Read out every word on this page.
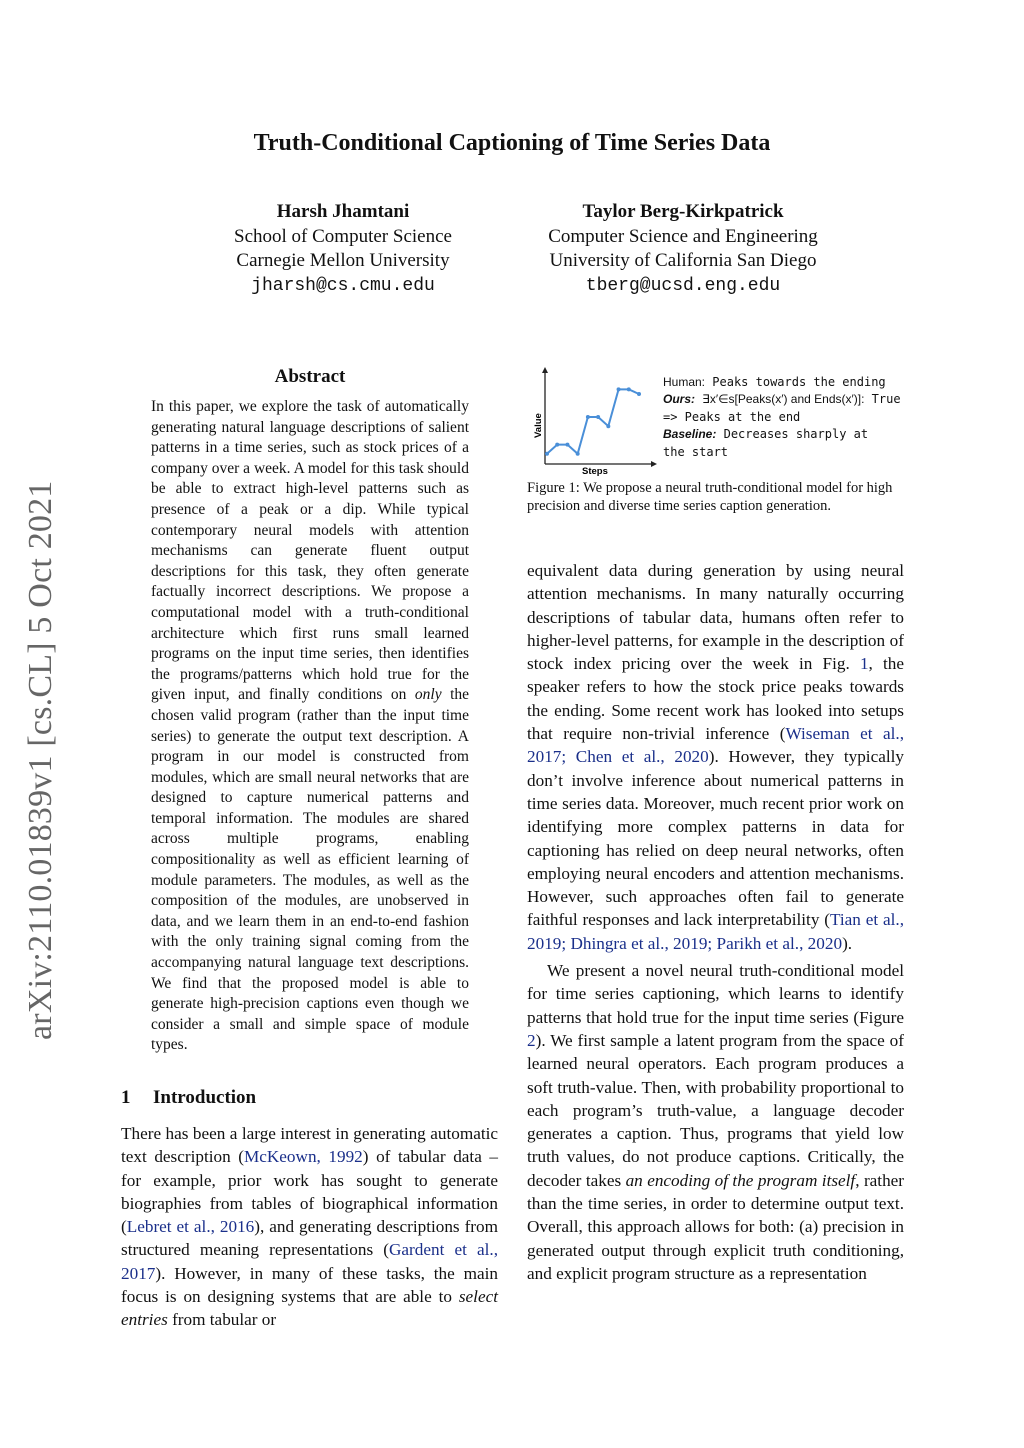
Truth-Conditional Captioning of Time Series Data
Harsh Jhamtani
School of Computer Science
Carnegie Mellon University
jharsh@cs.cmu.edu
Taylor Berg-Kirkpatrick
Computer Science and Engineering
University of California San Diego
tberg@ucsd.eng.edu
arXiv:2110.01839v1 [cs.CL] 5 Oct 2021
Abstract
In this paper, we explore the task of automatically generating natural language descriptions of salient patterns in a time series, such as stock prices of a company over a week. A model for this task should be able to extract high-level patterns such as presence of a peak or a dip. While typical contemporary neural models with attention mechanisms can generate fluent output descriptions for this task, they often generate factually incorrect descriptions. We propose a computational model with a truth-conditional architecture which first runs small learned programs on the input time series, then identifies the programs/patterns which hold true for the given input, and finally conditions on only the chosen valid program (rather than the input time series) to generate the output text description. A program in our model is constructed from modules, which are small neural networks that are designed to capture numerical patterns and temporal information. The modules are shared across multiple programs, enabling compositionality as well as efficient learning of module parameters. The modules, as well as the composition of the modules, are unobserved in data, and we learn them in an end-to-end fashion with the only training signal coming from the accompanying natural language text descriptions. We find that the proposed model is able to generate high-precision captions even though we consider a small and simple space of module types.
1 Introduction
There has been a large interest in generating automatic text description (McKeown, 1992) of tabular data – for example, prior work has sought to generate biographies from tables of biographical information (Lebret et al., 2016), and generating descriptions from structured meaning representations (Gardent et al., 2017). However, in many of these tasks, the main focus is on designing systems that are able to select entries from tabular or
Steps
Value
Human: Peaks towards the ending
Ours: ∃x′∈s[Peaks(x′) and Ends(x′)]: True
=> Peaks at the end
Baseline: Decreases sharply at
the start
Figure 1: We propose a neural truth-conditional model for high precision and diverse time series caption generation.

equivalent data during generation by using neural attention mechanisms. In many naturally occurring descriptions of tabular data, humans often refer to higher-level patterns, for example in the description of stock index pricing over the week in Fig. 1, the speaker refers to how the stock price peaks towards the ending. Some recent work has looked into setups that require non-trivial inference (Wiseman et al., 2017; Chen et al., 2020). However, they typically don’t involve inference about numerical patterns in time series data. Moreover, much recent prior work on identifying more complex patterns in data for captioning has relied on deep neural networks, often employing neural encoders and attention mechanisms. However, such approaches often fail to generate faithful responses and lack interpretability (Tian et al., 2019; Dhingra et al., 2019; Parikh et al., 2020).

We present a novel neural truth-conditional model for time series captioning, which learns to identify patterns that hold true for the input time series (Figure 2). We first sample a latent program from the space of learned neural operators. Each program produces a soft truth-value. Then, with probability proportional to each program’s truth-value, a language decoder generates a caption. Thus, programs that yield low truth values, do not produce captions. Critically, the decoder takes an encoding of the program itself, rather than the time series, in order to determine output text. Overall, this approach allows for both: (a) precision in generated output through explicit truth conditioning, and explicit program structure as a representation
